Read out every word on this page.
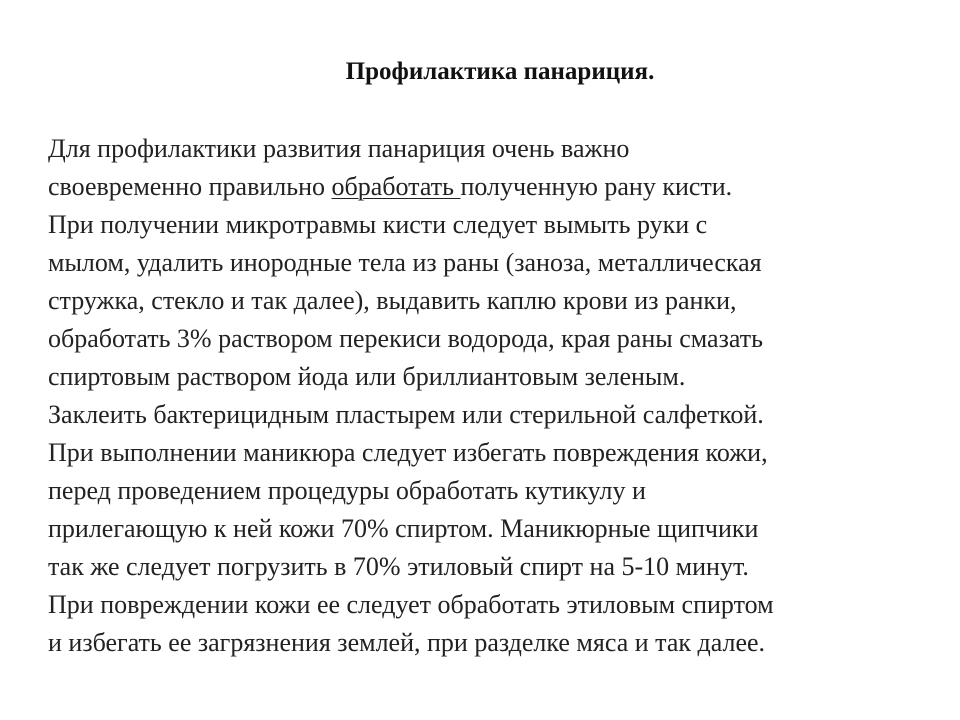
Профилактика панариция.
Для профилактики развития панариция очень важно
своевременно правильно обработать полученную рану кисти.
При получении микротравмы кисти следует вымыть руки с
мылом, удалить инородные тела из раны (заноза, металлическая
стружка, стекло и так далее), выдавить каплю крови из ранки,
обработать 3% раствором перекиси водорода, края раны смазать
спиртовым раствором йода или бриллиантовым зеленым.
Заклеить бактерицидным пластырем или стерильной салфеткой.
При выполнении маникюра следует избегать повреждения кожи,
перед проведением процедуры обработать кутикулу и
прилегающую к ней кожи 70% спиртом. Маникюрные щипчики
так же следует погрузить в 70% этиловый спирт на 5-10 минут.
При повреждении кожи ее следует обработать этиловым спиртом
и избегать ее загрязнения землей, при разделке мяса и так далее.
